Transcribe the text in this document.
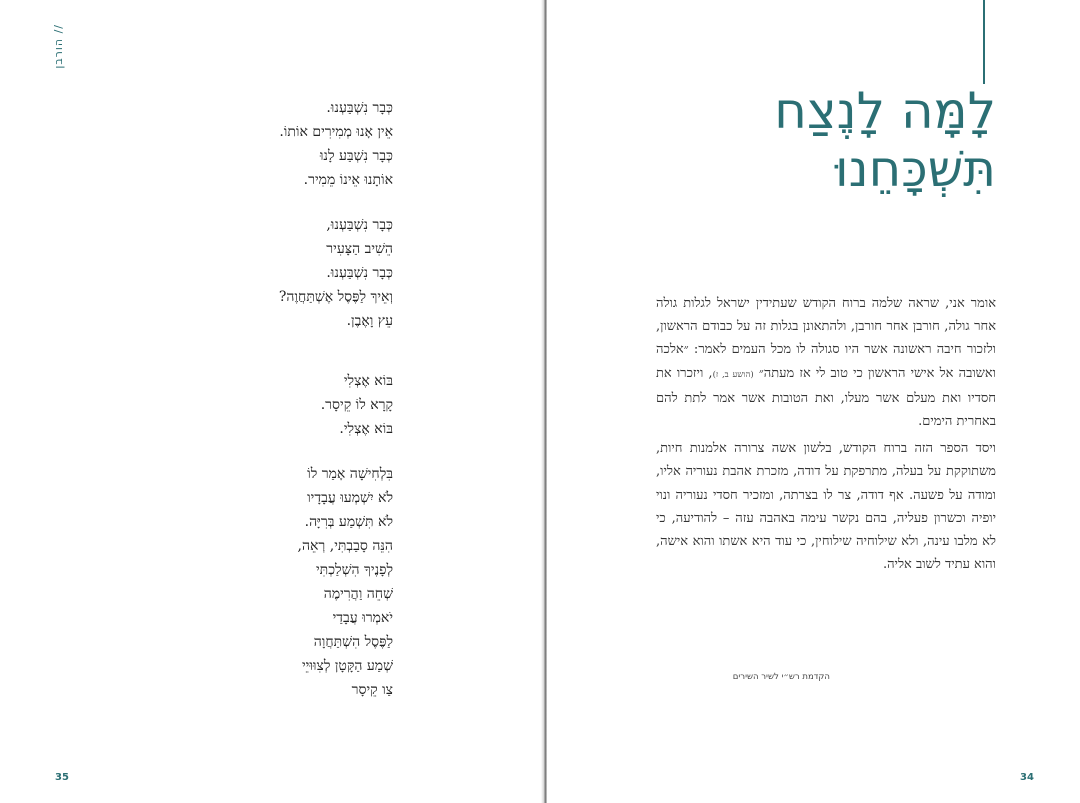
הורבן //
כְּבָר נִשְׁבַּעְנוּ.
אֵין אָנוּ מְמִירִים אוֹתוֹ.
כְּבָר נִשְׁבַּע לָנוּ
אוֹתָנוּ אֵינוֹ מֵמִיר.
כְּבָר נִשְׁבַּעְנוּ,
הֵשִׁיב הַצָּעִיר
כְּבָר נִשְׁבַּעְנוּ.
וְאֵיךְ לַפֶּסֶל אֶשְׁתַּחֲוֶה?
עֵץ וָאֶבֶן.
בּוֹא אֶצְלִי
קָרָא לוֹ קֵיסָר.
בּוֹא אֶצְלִי.
בִּלְחִישָׁה אָמַר לוֹ
לֹא יִשְׁמְעוּ עֲבָדָיו
לֹא תִּשְׁמַע בְּרִיָּה.
הִנֵּה סָבַבְתִּי, רְאֵה,
לְפָנֶיךָ הִשְׁלַכְתִּי
שְׁחֵה וַהֲרִימֶה
יֹאמְרוּ עֲבָדַי
לַפֶּסֶל הִשְׁתַּחֲוָה
שְׁמַע הַקָּטָן לְצִוּוּיֵי
צַו קֵיסָר
35
לָמָּה לָנֶצַח
תִּשְׁכָּחֵנוּ

אומר אני, שראה שלמה ברוח הקודש שעתידין ישראל לגלות גולה אחר גולה, חורבן אחר חורבן, ולהתאונן בגלות זה על כבודם הראשון, ולזכור חיבה ראשונה אשר היו סגולה לו מכל העמים לאמר: ״אלכה ואשובה אל אישי הראשון כי טוב לי אז מעתה״ (הושע ב, ז), ויזכרו את חסדיו ואת מעלם אשר מעלו, ואת הטובות אשר אמר לתת להם באחרית הימים.

ויסד הספר הזה ברוח הקודש, בלשון אשה צרורה אלמנות חיות, משתוקקת על בעלה, מתרפקת על דודה, מזכרת אהבת נעוריה אליו, ומודה על פשעה. אף דודה, צר לו בצרתה, ומזכיר חסדי נעוריה ונוי יופיה וכשרון פעליה, בהם נקשר עימה באהבה עזה – להודיעה, כי לא מלבו עינה, ולא שילוחיה שילוחין, כי עוד היא אשתו והוא אישה, והוא עתיד לשוב אליה.

הקדמת רש״י לשיר השירים
34
